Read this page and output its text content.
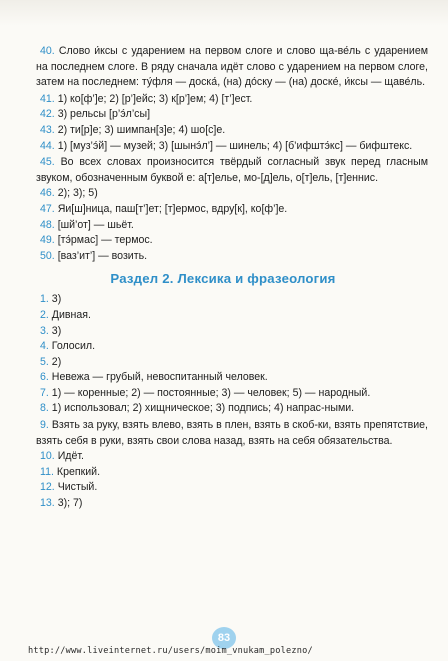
40. Слово и́ксы с ударением на первом слоге и слово ща-ве́ль с ударением на последнем слоге. В ряду сначала идёт слово с ударением на первом слоге, затем на последнем: ту́фля — доска́, (на) до́ску — (на) доске́, и́ксы — щаве́ль.

41. 1) ко[ф’]е; 2) [р’]ейс; 3) к[р’]ем; 4) [т’]ест.

42. 3) рельсы [р’э́л’сы]

43. 2) ти[р]е; 3) шимпан[з]е; 4) шо[с]е.

44. 1) [муз’э́й] — музей; 3) [шынэ́л’] — шинель; 4) [б’ифштэ́кс] — бифштекс.

45. Во всех словах произносится твёрдый согласный звук перед гласным звуком, обозначенным буквой е: а[т]елье, мо-[д]ель, о[т]ель, [т]еннис.

46. 2); 3); 5)

47. Яи[ш]ница, паш[т’]ет; [т]ермос, вдру[к], ко[ф’]е.

48. [шй’от] — шьёт.

49. [тэ́рмас] — термос.

50. [ваз’ит’] — возить.

Раздел 2. Лексика и фразеология

1. 3)

2. Дивная.

3. 3)

4. Голосил.

5. 2)

6. Невежа — грубый, невоспитанный человек.

7. 1) — коренные; 2) — постоянные; 3) — человек; 5) — народный.

8. 1) использовал; 2) хищническое; 3) подпись; 4) напрас-ными.

9. Взять за руку, взять влево, взять в плен, взять в скоб-ки, взять препятствие, взять себя в руки, взять свои слова назад, взять на себя обязательства.

10. Идёт.

11. Крепкий.

12. Чистый.

13. 3); 7)

83
http://www.liveinternet.ru/users/moim_vnukam_polezno/
